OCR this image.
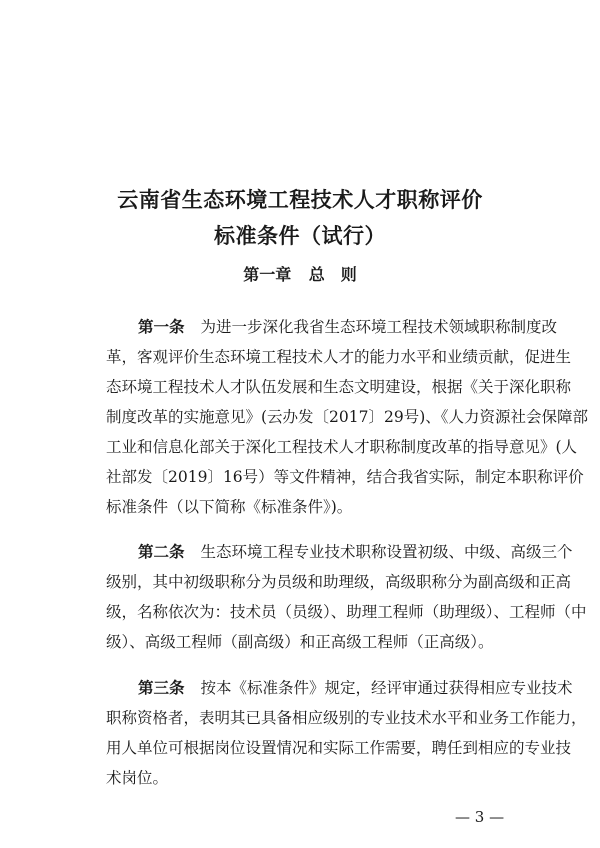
云南省生态环境工程技术人才职称评价
标准条件（试行）
第一章 总　则
第一条 为进一步深化我省生态环境工程技术领域职称制度改
革，客观评价生态环境工程技术人才的能力水平和业绩贡献，促进生
态环境工程技术人才队伍发展和生态文明建设，根据《关于深化职称
制度改革的实施意见》(云办发〔2017〕29号)、《人力资源社会保障部
工业和信息化部关于深化工程技术人才职称制度改革的指导意见》(人
社部发〔2019〕16号）等文件精神，结合我省实际，制定本职称评价
标准条件（以下简称《标准条件》)。
第二条 生态环境工程专业技术职称设置初级、中级、高级三个
级别，其中初级职称分为员级和助理级，高级职称分为副高级和正高
级，名称依次为：技术员（员级）、助理工程师（助理级）、工程师（中
级）、高级工程师（副高级）和正高级工程师（正高级）。
第三条 按本《标准条件》规定，经评审通过获得相应专业技术
职称资格者，表明其已具备相应级别的专业技术水平和业务工作能力，
用人单位可根据岗位设置情况和实际工作需要，聘任到相应的专业技
术岗位。
— 3 —
